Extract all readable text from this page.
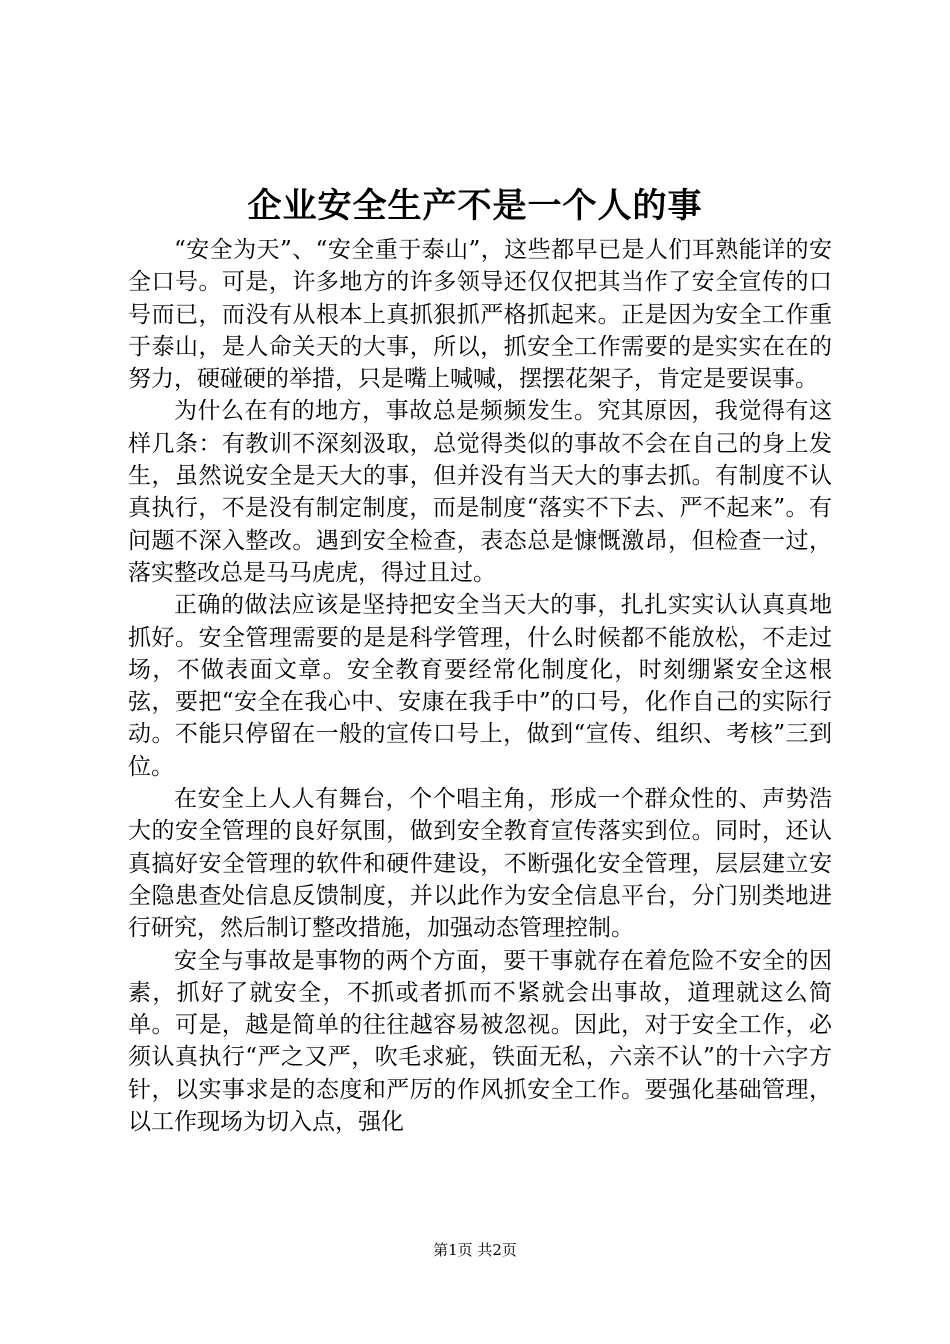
企业安全生产不是一个人的事

“安全为天”、“安全重于泰山”，这些都早已是人们耳熟能详的安全口号。可是，许多地方的许多领导还仅仅把其当作了安全宣传的口号而已，而没有从根本上真抓狠抓严格抓起来。正是因为安全工作重于泰山，是人命关天的大事，所以，抓安全工作需要的是实实在在的努力，硬碰硬的举措，只是嘴上喊喊，摆摆花架子，肯定是要误事。

为什么在有的地方，事故总是频频发生。究其原因，我觉得有这样几条：有教训不深刻汲取，总觉得类似的事故不会在自己的身上发生，虽然说安全是天大的事，但并没有当天大的事去抓。有制度不认真执行，不是没有制定制度，而是制度“落实不下去、严不起来”。有问题不深入整改。遇到安全检查，表态总是慷慨激昂，但检查一过，落实整改总是马马虎虎，得过且过。

正确的做法应该是坚持把安全当天大的事，扎扎实实认认真真地抓好。安全管理需要的是是科学管理，什么时候都不能放松，不走过场，不做表面文章。安全教育要经常化制度化，时刻绷紧安全这根弦，要把“安全在我心中、安康在我手中”的口号，化作自己的实际行动。不能只停留在一般的宣传口号上，做到“宣传、组织、考核”三到位。

在安全上人人有舞台，个个唱主角，形成一个群众性的、声势浩大的安全管理的良好氛围，做到安全教育宣传落实到位。同时，还认真搞好安全管理的软件和硬件建设，不断强化安全管理，层层建立安全隐患查处信息反馈制度，并以此作为安全信息平台，分门别类地进行研究，然后制订整改措施，加强动态管理控制。

安全与事故是事物的两个方面，要干事就存在着危险不安全的因素，抓好了就安全，不抓或者抓而不紧就会出事故，道理就这么简单。可是，越是简单的往往越容易被忽视。因此，对于安全工作，必须认真执行“严之又严，吹毛求疵，铁面无私，六亲不认”的十六字方针，以实事求是的态度和严厉的作风抓安全工作。要强化基础管理，以工作现场为切入点，强化

第1页 共2页
